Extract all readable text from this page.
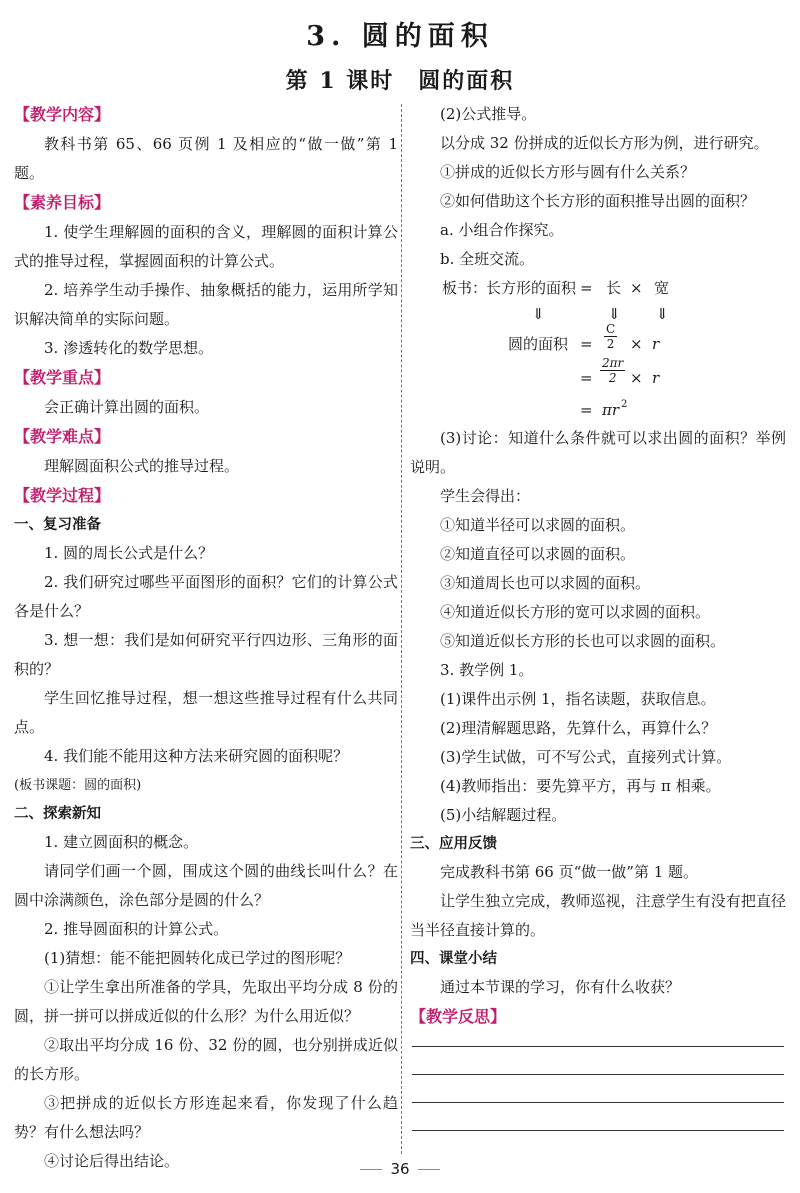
3. 圆的面积
第 1 课时　圆的面积
【教学内容】

教科书第 65、66 页例 1 及相应的“做一做”第 1 题。

【素养目标】

1. 使学生理解圆的面积的含义，理解圆的面积计算公式的推导过程，掌握圆面积的计算公式。

2. 培养学生动手操作、抽象概括的能力，运用所学知识解决简单的实际问题。

3. 渗透转化的数学思想。

【教学重点】

会正确计算出圆的面积。

【教学难点】

理解圆面积公式的推导过程。

【教学过程】
一、复习准备

1. 圆的周长公式是什么？

2. 我们研究过哪些平面图形的面积？它们的计算公式各是什么？

3. 想一想：我们是如何研究平行四边形、三角形的面积的？

学生回忆推导过程，想一想这些推导过程有什么共同点。

4. 我们能不能用这种方法来研究圆的面积呢？

(板书课题：圆的面积)

二、探索新知

1. 建立圆面积的概念。

请同学们画一个圆，围成这个圆的曲线长叫什么？在圆中涂满颜色，涂色部分是圆的什么？

2. 推导圆面积的计算公式。

(1)猜想：能不能把圆转化成已学过的图形呢？

①让学生拿出所准备的学具，先取出平均分成 8 份的圆，拼一拼可以拼成近似的什么形？为什么用近似？

②取出平均分成 16 份、32 份的圆，也分别拼成近似的长方形。

③把拼成的近似长方形连起来看，你发现了什么趋势？有什么想法吗？

④讨论后得出结论。

(2)公式推导。

以分成 32 份拼成的近似长方形为例，进行研究。

①拼成的近似长方形与圆有什么关系？

②如何借助这个长方形的面积推导出圆的面积？

a. 小组合作探究。

b. 全班交流。

板书：
长方形的面积 = 长 × 宽
⇓	⇓ ⇓
圆的面积 = $\frac{C}{2} \times r$
= $\frac{2\pi r}{2} \times r$
= πr 2

(3)讨论：知道什么条件就可以求出圆的面积？举例说明。

学生会得出：

①知道半径可以求圆的面积。

②知道直径可以求圆的面积。

③知道周长也可以求圆的面积。

④知道近似长方形的宽可以求圆的面积。

⑤知道近似长方形的长也可以求圆的面积。

3. 教学例 1。

(1)课件出示例 1，指名读题，获取信息。

(2)理清解题思路，先算什么，再算什么？

(3)学生试做，可不写公式，直接列式计算。

(4)教师指出：要先算平方，再与 π 相乘。

(5)小结解题过程。

三、应用反馈

完成教科书第 66 页“做一做”第 1 题。

让学生独立完成，教师巡视，注意学生有没有把直径当半径直接计算的。

四、课堂小结

通过本节课的学习，你有什么收获？

【教学反思】
36
